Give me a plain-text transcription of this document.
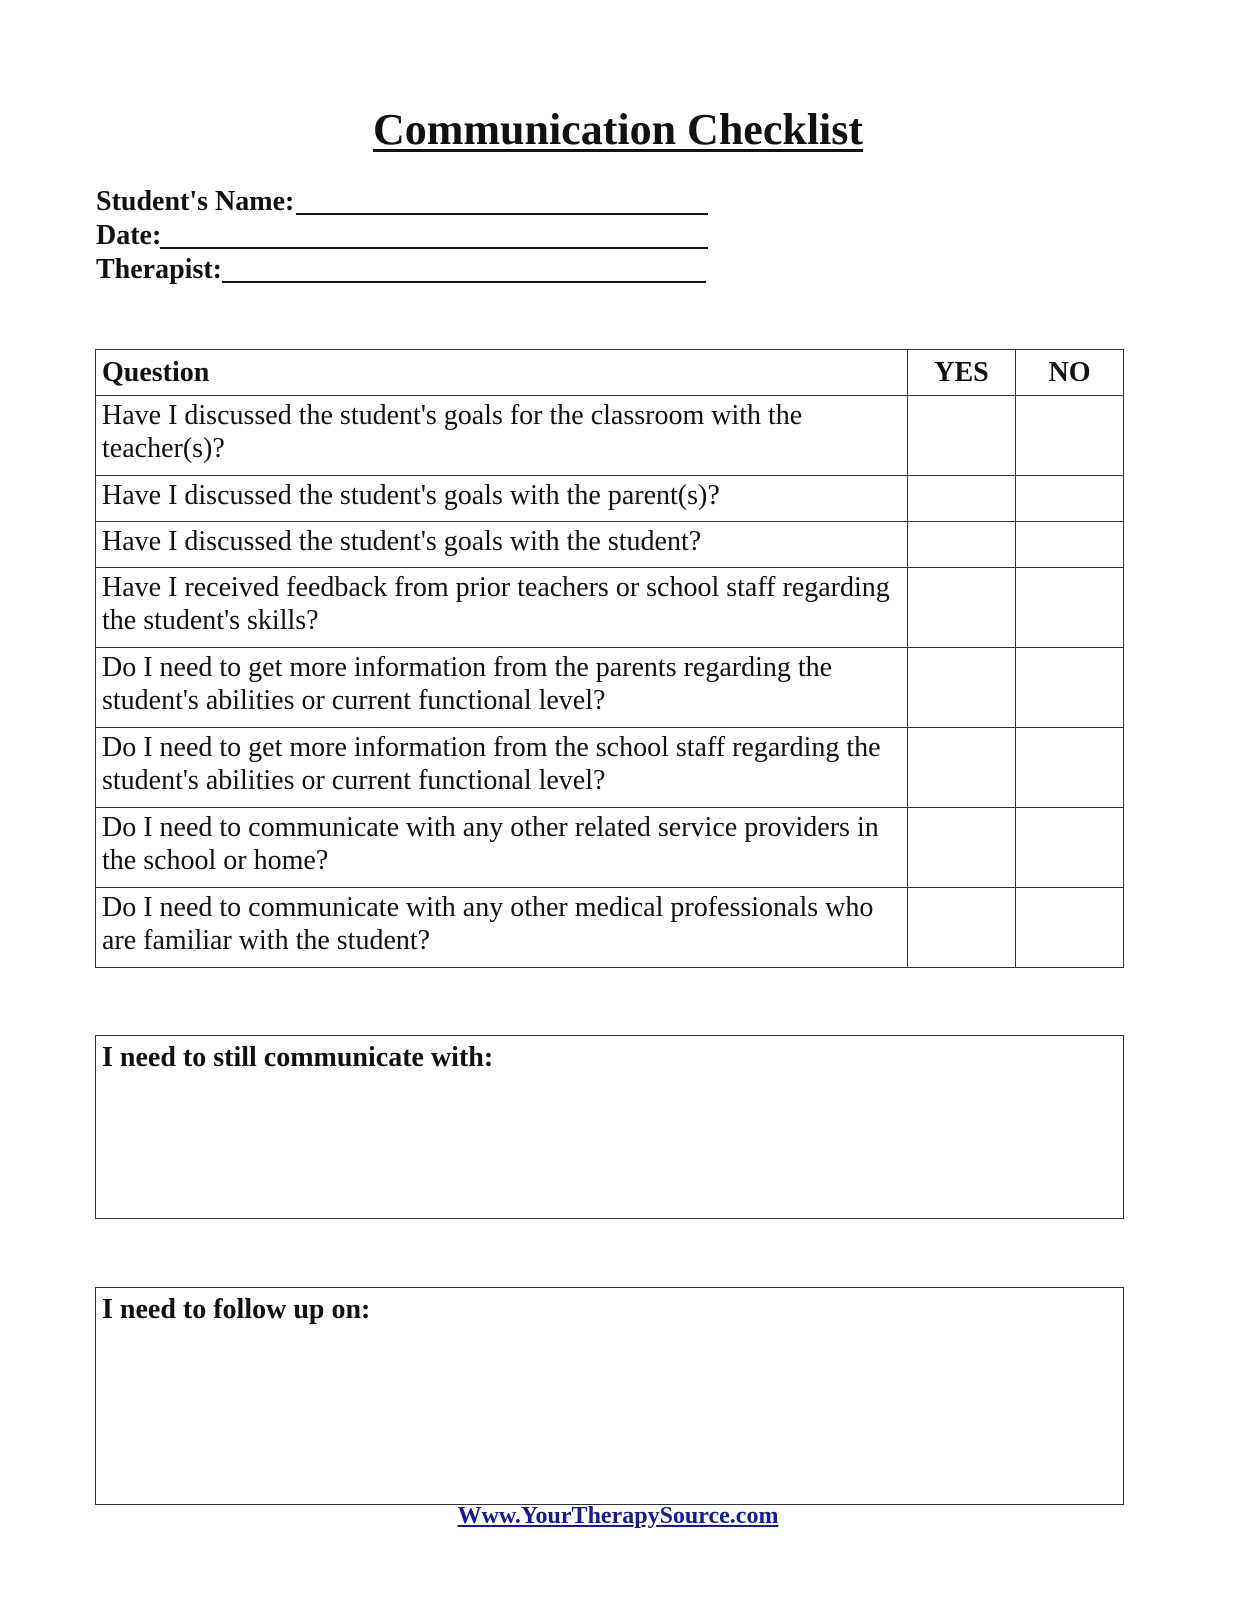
Communication Checklist
Student's Name:
Date:
Therapist:
Question	YES	NO
Have I discussed the student's goals for the classroom with the teacher(s)?		
Have I discussed the student's goals with the parent(s)?		
Have I discussed the student's goals with the student?		
Have I received feedback from prior teachers or school staff regarding the student's skills?		
Do I need to get more information from the parents regarding the student's abilities or current functional level?		
Do I need to get more information from the school staff regarding the student's abilities or current functional level?		
Do I need to communicate with any other related service providers in the school or home?		
Do I need to communicate with any other medical professionals who are familiar with the student?		
I need to still communicate with:
I need to follow up on:
Www.YourTherapySource.com
